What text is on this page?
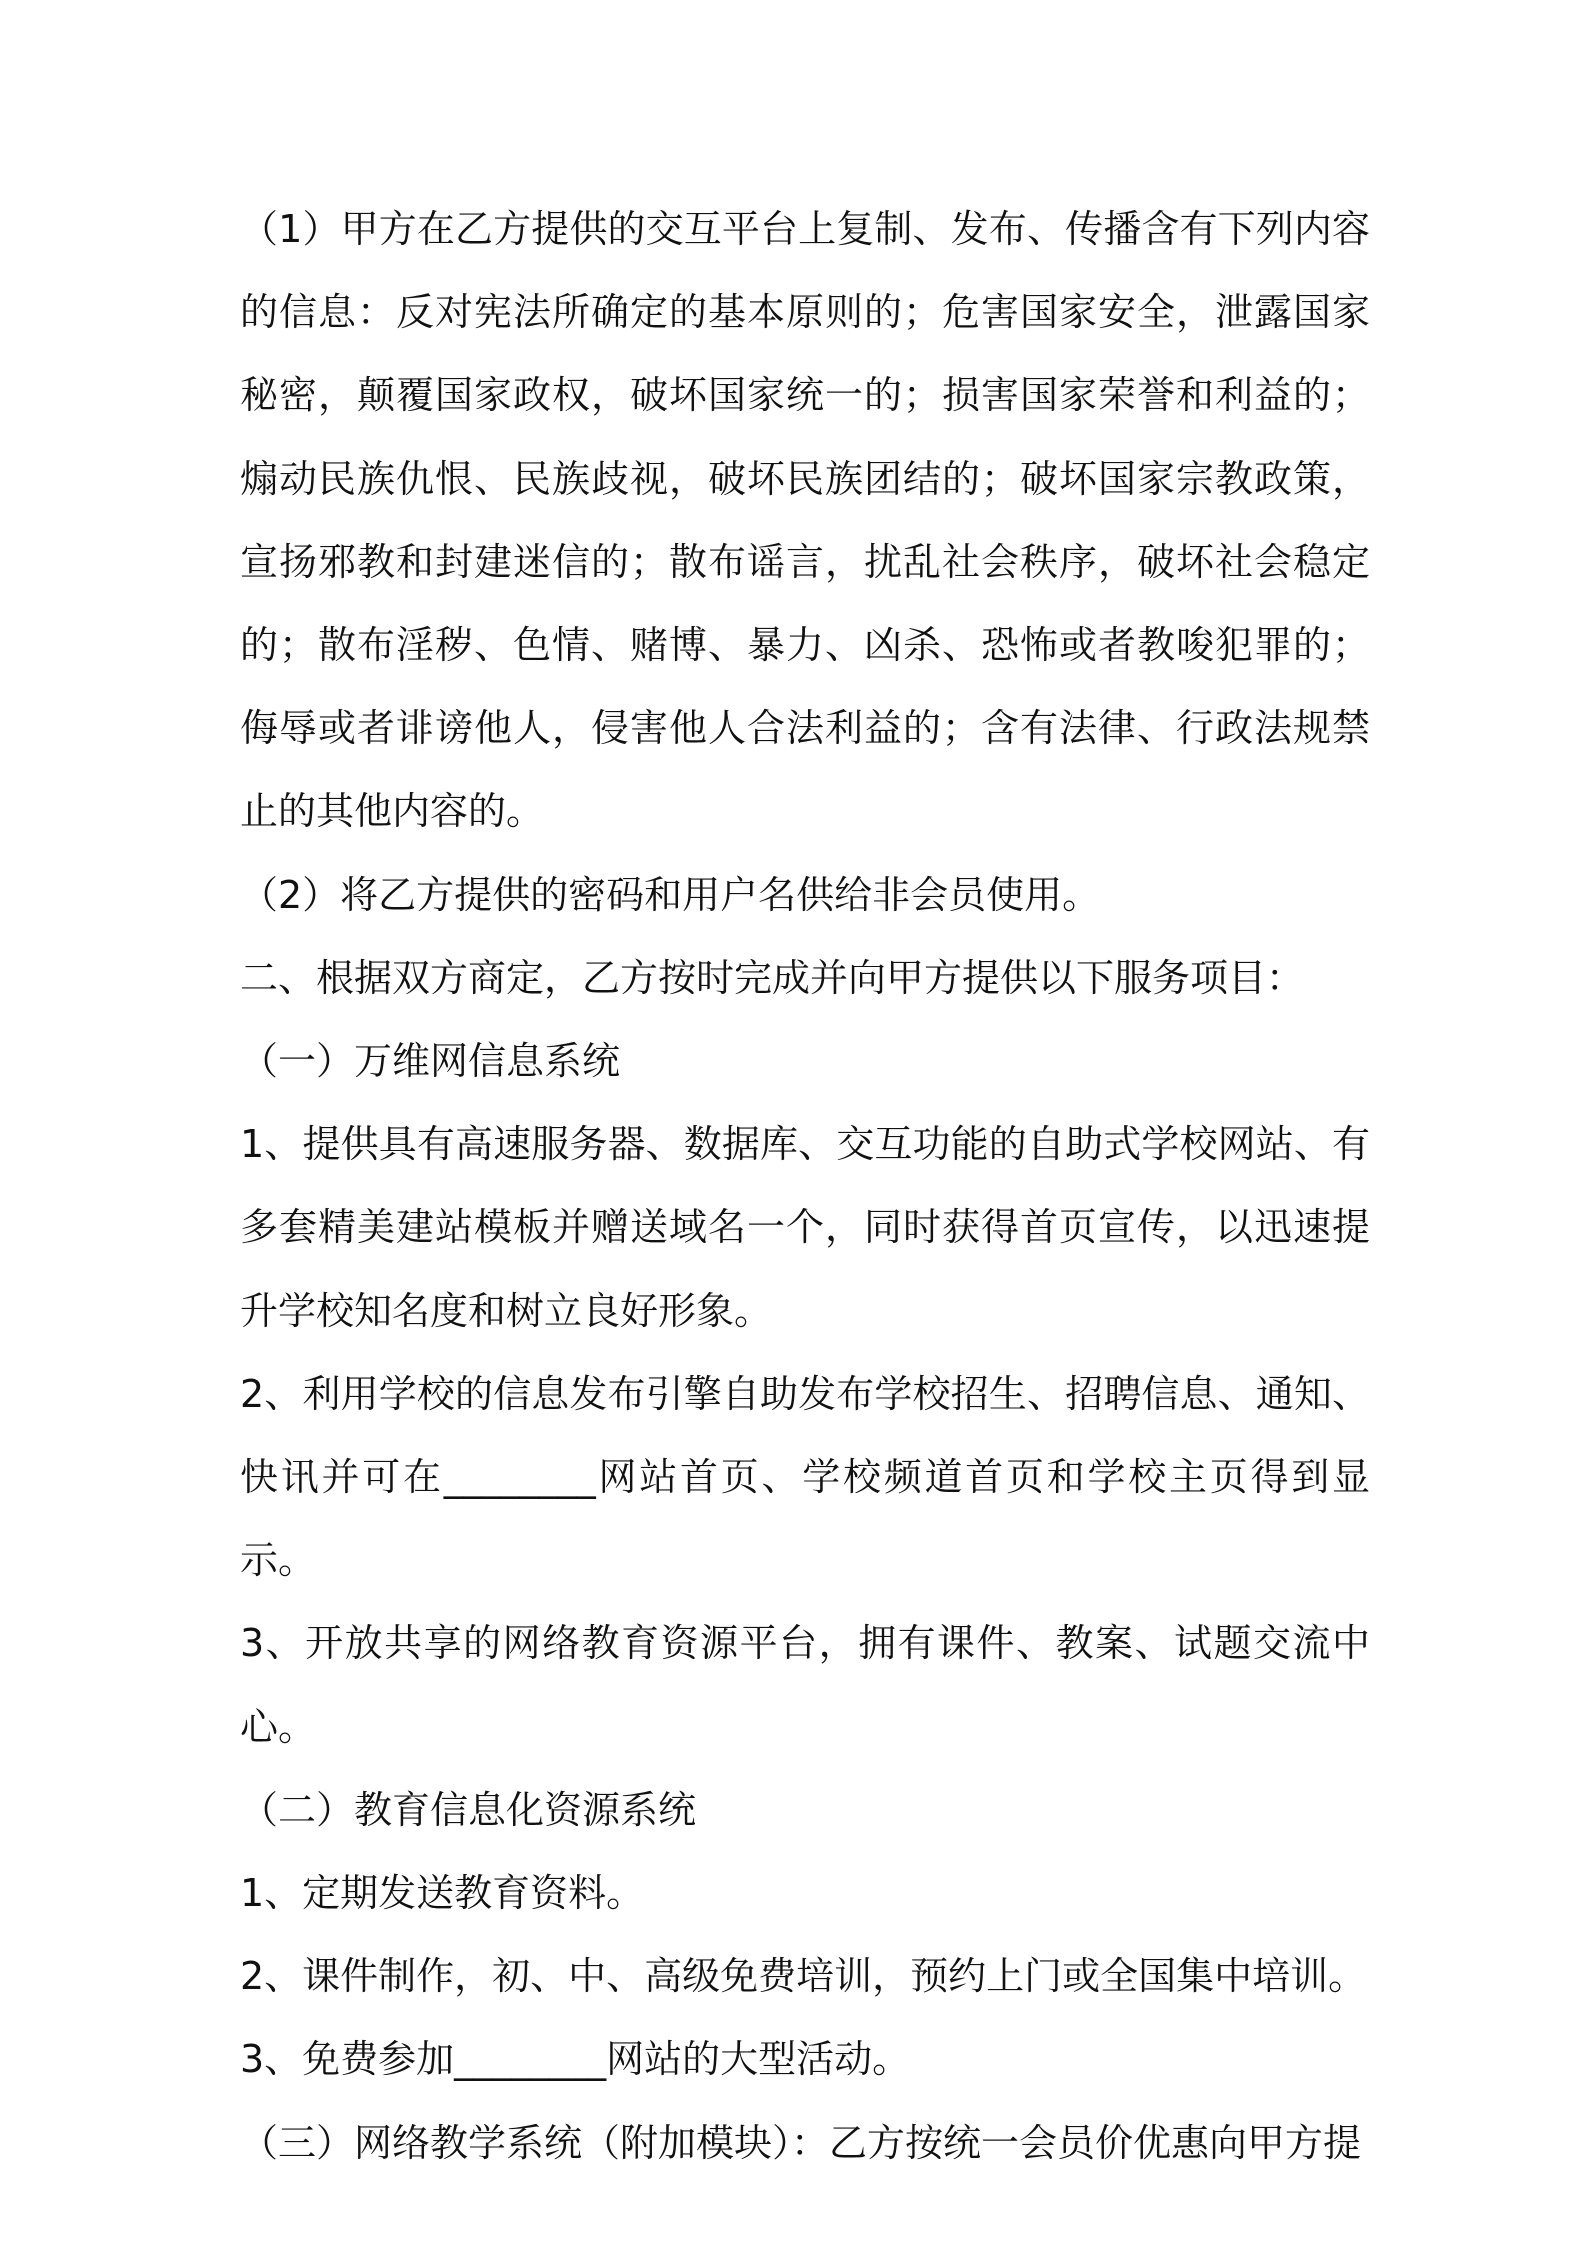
（1）甲方在乙方提供的交互平台上复制、发布、传播含有下列内容的信息：反对宪法所确定的基本原则的；危害国家安全，泄露国家秘密，颠覆国家政权，破坏国家统一的；损害国家荣誉和利益的；煽动民族仇恨、民族歧视，破坏民族团结的；破坏国家宗教政策，宣扬邪教和封建迷信的；散布谣言，扰乱社会秩序，破坏社会稳定的；散布淫秽、色情、赌博、暴力、凶杀、恐怖或者教唆犯罪的；侮辱或者诽谤他人，侵害他人合法利益的；含有法律、行政法规禁止的其他内容的。

（2）将乙方提供的密码和用户名供给非会员使用。

二、根据双方商定，乙方按时完成并向甲方提供以下服务项目：

（一）万维网信息系统

1、提供具有高速服务器、数据库、交互功能的自助式学校网站、有多套精美建站模板并赠送域名一个，同时获得首页宣传，以迅速提升学校知名度和树立良好形象。

2、利用学校的信息发布引擎自助发布学校招生、招聘信息、通知、快讯并可在________网站首页、学校频道首页和学校主页得到显示。

3、开放共享的网络教育资源平台，拥有课件、教案、试题交流中心。

（二）教育信息化资源系统

1、定期发送教育资料。

2、课件制作，初、中、高级免费培训，预约上门或全国集中培训。

3、免费参加________网站的大型活动。

（三）网络教学系统（附加模块）：乙方按统一会员价优惠向甲方提
